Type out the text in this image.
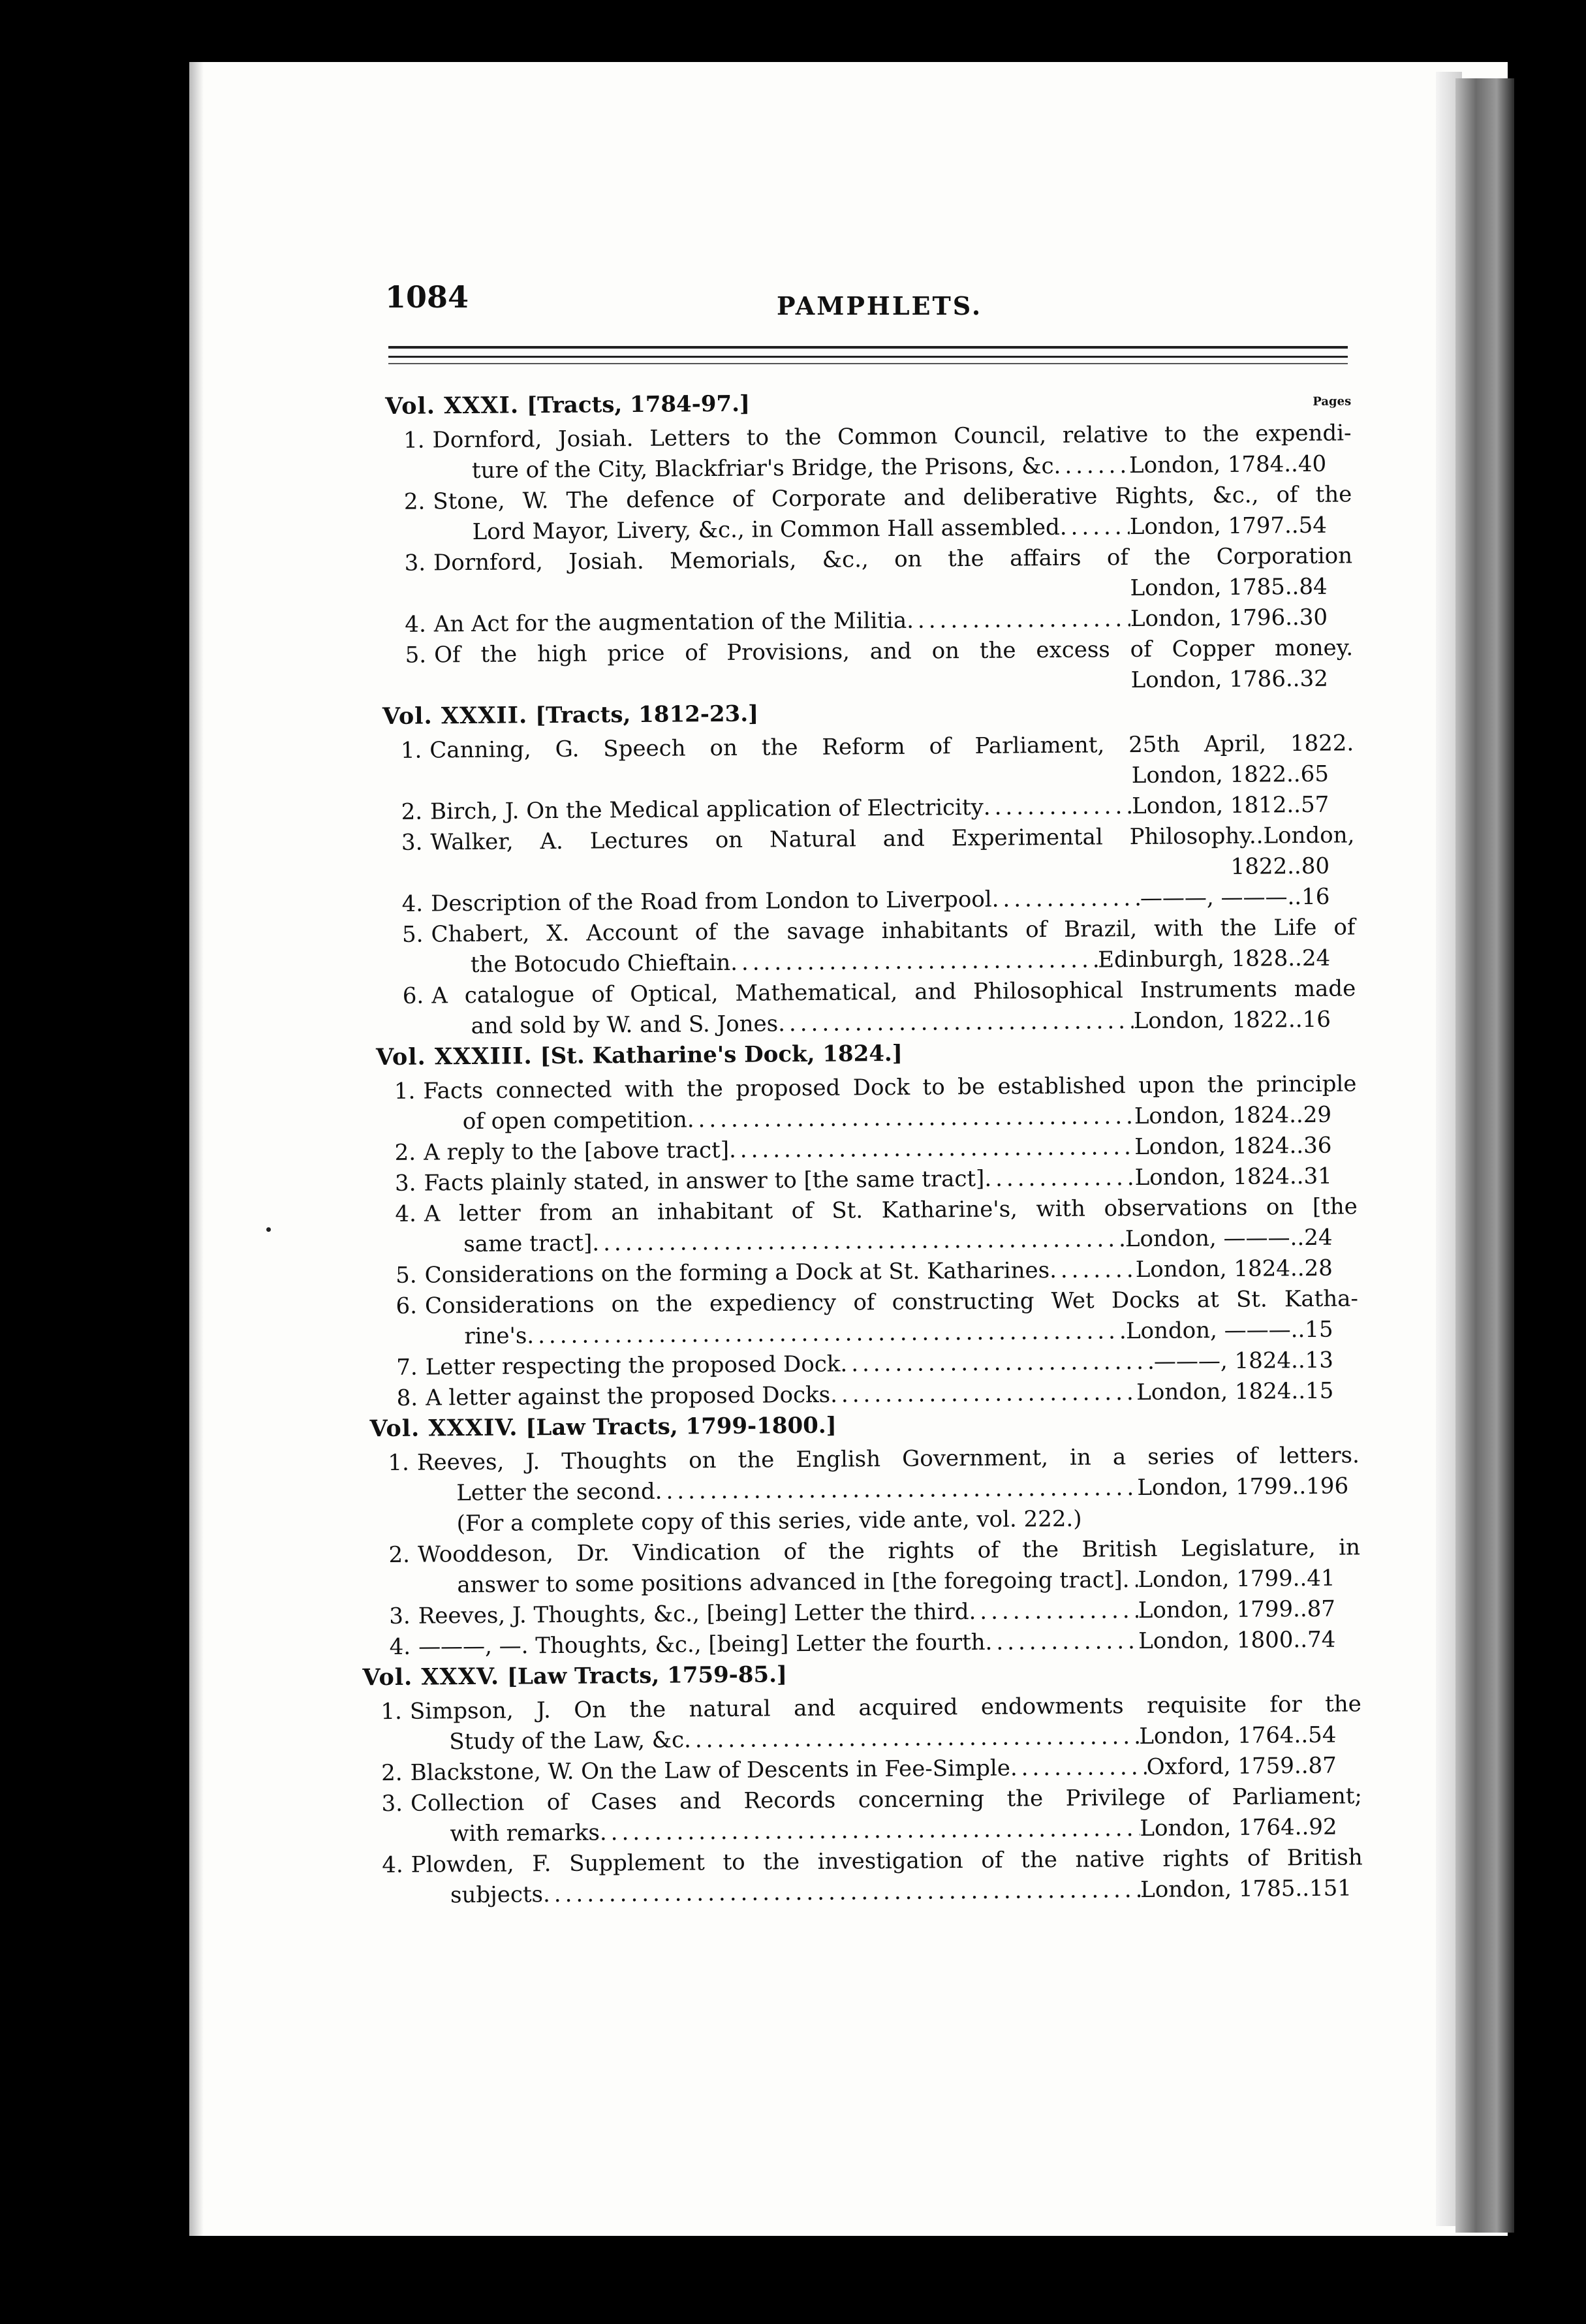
1084	PAMPHLETS.
Vol. XXXI. [Tracts, 1784-97.]	Pages
1. Dornford, Josiah. Letters to the Common Council, relative to the expendi-
ture of the City, Blackfriar's Bridge, the Prisons, &c .....	London, 1784 .. 40
2. Stone, W. The defence of Corporate and deliberative Rights, &c., of the
Lord Mayor, Livery, &c., in Common Hall assembled .....	London, 1797 .. 54
3. Dornford, Josiah. Memorials, &c., on the affairs of the Corporation
London, 1785 .. 84
4. An Act for the augmentation of the Militia .....	London, 1796 .. 30
5. Of the high price of Provisions, and on the excess of Copper money.
London, 1786 .. 32
Vol. XXXII. [Tracts, 1812-23.]
1. Canning, G. Speech on the Reform of Parliament, 25th April, 1822.
London, 1822 .. 65
2. Birch, J. On the Medical application of Electricity .....	London, 1812 .. 57
3. Walker, A. Lectures on Natural and Experimental Philosophy..London,
1822 .. 80
4. Description of the Road from London to Liverpool .....	———, ——— .. 16
5. Chabert, X. Account of the savage inhabitants of Brazil, with the Life of
the Botocudo Chieftain .....	Edinburgh, 1828 .. 24
6. A catalogue of Optical, Mathematical, and Philosophical Instruments made
and sold by W. and S. Jones .....	London, 1822 .. 16
Vol. XXXIII. [St. Katharine's Dock, 1824.]
1. Facts connected with the proposed Dock to be established upon the principle
of open competition .....	London, 1824 .. 29
2. A reply to the [above tract] .....	London, 1824 .. 36
3. Facts plainly stated, in answer to [the same tract] .....	London, 1824 .. 31
4. A letter from an inhabitant of St. Katharine's, with observations on [the
same tract] .....	London, ——— .. 24
5. Considerations on the forming a Dock at St. Katharines .....	London, 1824 .. 28
6. Considerations on the expediency of constructing Wet Docks at St. Katha-
rine's .....	London, ——— .. 15
7. Letter respecting the proposed Dock .....	———, 1824 .. 13
8. A letter against the proposed Docks .....	London, 1824 .. 15
Vol. XXXIV. [Law Tracts, 1799-1800.]
1. Reeves, J. Thoughts on the English Government, in a series of letters.
Letter the second .....	London, 1799 .. 196
(For a complete copy of this series, vide ante, vol. 222.)
2. Wooddeson, Dr. Vindication of the rights of the British Legislature, in
answer to some positions advanced in [the foregoing tract] ..... London, 1799 .. 41
3. Reeves, J. Thoughts, &c., [being] Letter the third .....	London, 1799 .. 87
4. ———, —. Thoughts, &c., [being] Letter the fourth .....	London, 1800 .. 74
Vol. XXXV. [Law Tracts, 1759-85.]
1. Simpson, J. On the natural and acquired endowments requisite for the
Study of the Law, &c .....	London, 1764 .. 54
2. Blackstone, W. On the Law of Descents in Fee-Simple .....	Oxford, 1759 .. 87
3. Collection of Cases and Records concerning the Privilege of Parliament;
with remarks .....	London, 1764 .. 92
4. Plowden, F. Supplement to the investigation of the native rights of British
subjects .....	London, 1785 .. 151
